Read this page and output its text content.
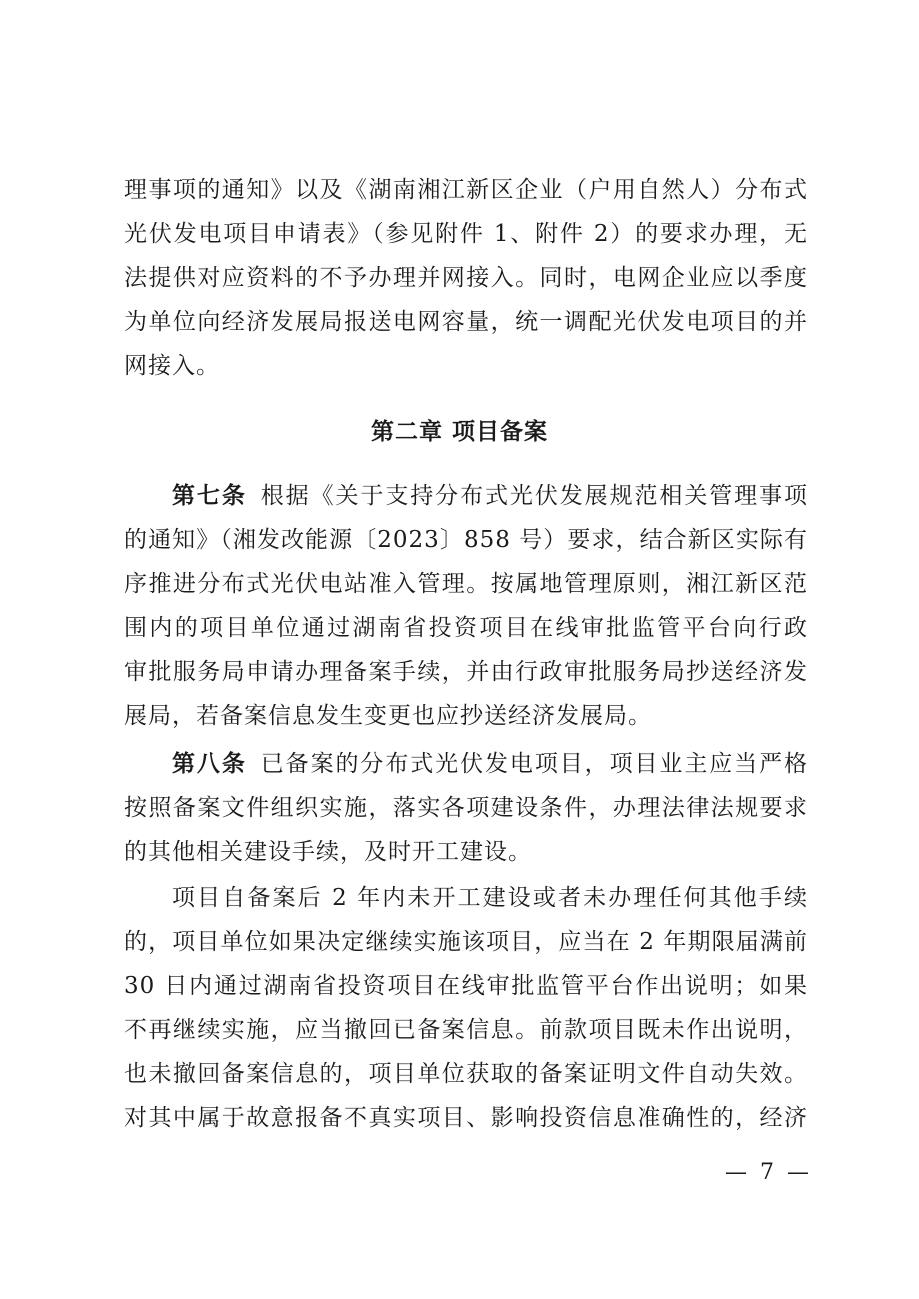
理事项的通知》以及《湖南湘江新区企业（户用自然人）分布式
光伏发电项目申请表》（参见附件 1、附件 2）的要求办理，无
法提供对应资料的不予办理并网接入。同时，电网企业应以季度
为单位向经济发展局报送电网容量，统一调配光伏发电项目的并
网接入。
第二章 项目备案
第七条 根据《关于支持分布式光伏发展规范相关管理事项
的通知》（湘发改能源〔2023〕858 号）要求，结合新区实际有
序推进分布式光伏电站准入管理。按属地管理原则，湘江新区范
围内的项目单位通过湖南省投资项目在线审批监管平台向行政
审批服务局申请办理备案手续，并由行政审批服务局抄送经济发
展局，若备案信息发生变更也应抄送经济发展局。
第八条 已备案的分布式光伏发电项目，项目业主应当严格
按照备案文件组织实施，落实各项建设条件，办理法律法规要求
的其他相关建设手续，及时开工建设。
项目自备案后 2 年内未开工建设或者未办理任何其他手续
的，项目单位如果决定继续实施该项目，应当在 2 年期限届满前
30 日内通过湖南省投资项目在线审批监管平台作出说明；如果
不再继续实施，应当撤回已备案信息。前款项目既未作出说明，
也未撤回备案信息的，项目单位获取的备案证明文件自动失效。
对其中属于故意报备不真实项目、影响投资信息准确性的，经济
— 7 —
